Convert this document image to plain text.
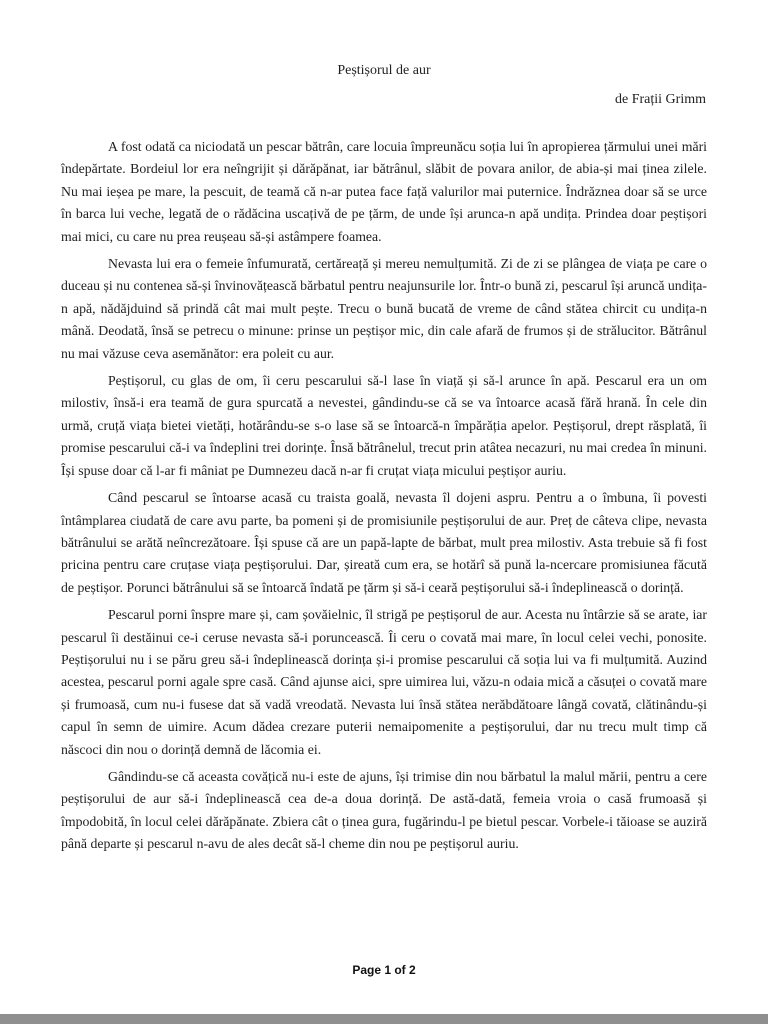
Peștișorul de aur
de Frații Grimm

A fost odată ca niciodată un pescar bătrân, care locuia împreunăcu soția lui în apropierea țărmului unei mări îndepărtate. Bordeiul lor era neîngrijit și dărăpănat, iar bătrânul, slăbit de povara anilor, de abia-și mai ținea zilele. Nu mai ieșea pe mare, la pescuit, de teamă că n-ar putea face față valurilor mai puternice. Îndrăznea doar să se urce în barca lui veche, legată de o rădăcina uscațivă de pe țărm, de unde își arunca-n apă undița. Prindea doar peștișori mai mici, cu care nu prea reușeau să-și astâmpere foamea.

Nevasta lui era o femeie înfumurată, certăreață și mereu nemulțumită. Zi de zi se plângea de viața pe care o duceau și nu contenea să-și învinovățească bărbatul pentru neajunsurile lor. Într-o bună zi, pescarul își aruncă undița-n apă, nădăjduind să prindă cât mai mult pește. Trecu o bună bucată de vreme de când stătea chircit cu undița-n mână. Deodată, însă se petrecu o minune: prinse un peștișor mic, din cale afară de frumos și de strălucitor. Bătrânul nu mai văzuse ceva asemănător: era poleit cu aur.

Peștișorul, cu glas de om, îi ceru pescarului să-l lase în viață și să-l arunce în apă. Pescarul era un om milostiv, însă-i era teamă de gura spurcată a nevestei, gândindu-se că se va întoarce acasă fără hrană. În cele din urmă, cruță viața bietei vietăți, hotărându-se s-o lase să se întoarcă-n împărăția apelor. Peștișorul, drept răsplată, îi promise pescarului că-i va îndeplini trei dorințe. Însă bătrânelul, trecut prin atâtea necazuri, nu mai credea în minuni. Își spuse doar că l-ar fi mâniat pe Dumnezeu dacă n-ar fi cruțat viața micului peștișor auriu.

Când pescarul se întoarse acasă cu traista goală, nevasta îl dojeni aspru. Pentru a o îmbuna, îi povesti întâmplarea ciudată de care avu parte, ba pomeni și de promisiunile peștișorului de aur. Preț de câteva clipe, nevasta bătrânului se arătă neîncrezătoare. Își spuse că are un papă-lapte de bărbat, mult prea milostiv. Asta trebuie să fi fost pricina pentru care cruțase viața peștișorului. Dar, șireată cum era, se hotărî să pună la-ncercare promisiunea făcută de peștișor. Porunci bătrânului să se întoarcă îndată pe țărm și să-i ceară peștișorului să-i îndeplinească o dorință.

Pescarul porni înspre mare și, cam șovăielnic, îl strigă pe peștișorul de aur. Acesta nu întârzie să se arate, iar pescarul îi destăinui ce-i ceruse nevasta să-i poruncească. Îi ceru o covată mai mare, în locul celei vechi, ponosite. Peștișorului nu i se păru greu să-i îndeplinească dorința și-i promise pescarului că soția lui va fi mulțumită. Auzind acestea, pescarul porni agale spre casă. Când ajunse aici, spre uimirea lui, văzu-n odaia mică a căsuței o covată mare și frumoasă, cum nu-i fusese dat să vadă vreodată. Nevasta lui însă stătea nerăbdătoare lângă covată, clătinându-și capul în semn de uimire. Acum dădea crezare puterii nemaipomenite a peștișorului, dar nu trecu mult timp că născoci din nou o dorință demnă de lăcomia ei.

Gândindu-se că aceasta covățică nu-i este de ajuns, își trimise din nou bărbatul la malul mării, pentru a cere peștișorului de aur să-i îndeplinească cea de-a doua dorință. De astă-dată, femeia vroia o casă frumoasă și împodobită, în locul celei dărăpănate. Zbiera cât o ținea gura, fugărindu-l pe bietul pescar. Vorbele-i tăioase se auziră până departe și pescarul n-avu de ales decât să-l cheme din nou pe peștișorul auriu.

Page 1 of 2
